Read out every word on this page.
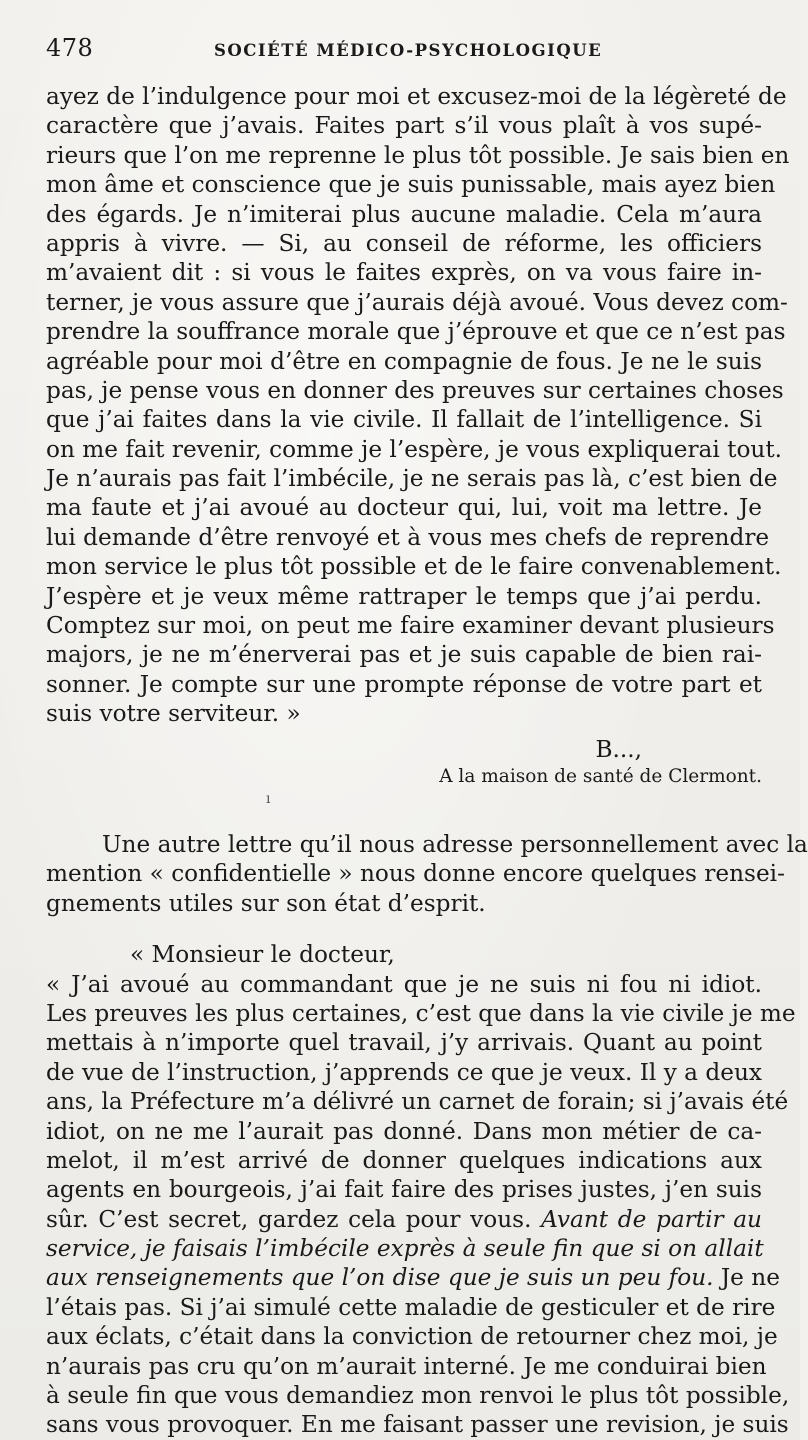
478	SOCIÉTÉ MÉDICO-PSYCHOLOGIQUE
ayez de l’indulgence pour moi et excusez-moi de la légèreté de
caractère que j’avais. Faites part s’il vous plaît à vos supé-
rieurs que l’on me reprenne le plus tôt possible. Je sais bien en
mon âme et conscience que je suis punissable, mais ayez bien
des égards. Je n’imiterai plus aucune maladie. Cela m’aura
appris à vivre. — Si, au conseil de réforme, les officiers
m’avaient dit : si vous le faites exprès, on va vous faire in-
terner, je vous assure que j’aurais déjà avoué. Vous devez com-
prendre la souffrance morale que j’éprouve et que ce n’est pas
agréable pour moi d’être en compagnie de fous. Je ne le suis
pas, je pense vous en donner des preuves sur certaines choses
que j’ai faites dans la vie civile. Il fallait de l’intelligence. Si
on me fait revenir, comme je l’espère, je vous expliquerai tout.
Je n’aurais pas fait l’imbécile, je ne serais pas là, c’est bien de
ma faute et j’ai avoué au docteur qui, lui, voit ma lettre. Je
lui demande d’être renvoyé et à vous mes chefs de reprendre
mon service le plus tôt possible et de le faire convenablement.
J’espère et je veux même rattraper le temps que j’ai perdu.
Comptez sur moi, on peut me faire examiner devant plusieurs
majors, je ne m’énerverai pas et je suis capable de bien rai-
sonner. Je compte sur une prompte réponse de votre part et
suis votre serviteur. »
B...,
A la maison de santé de Clermont.
ı
Une autre lettre qu’il nous adresse personnellement avec la
mention « confidentielle » nous donne encore quelques rensei-
gnements utiles sur son état d’esprit.
« Monsieur le docteur,
« J’ai avoué au commandant que je ne suis ni fou ni idiot.
Les preuves les plus certaines, c’est que dans la vie civile je me
mettais à n’importe quel travail, j’y arrivais. Quant au point
de vue de l’instruction, j’apprends ce que je veux. Il y a deux
ans, la Préfecture m’a délivré un carnet de forain; si j’avais été
idiot, on ne me l’aurait pas donné. Dans mon métier de ca-
melot, il m’est arrivé de donner quelques indications aux
agents en bourgeois, j’ai fait faire des prises justes, j’en suis
sûr. C’est secret, gardez cela pour vous. Avant de partir au
service, je faisais l’imbécile exprès à seule fin que si on allait
aux renseignements que l’on dise que je suis un peu fou. Je ne
l’étais pas. Si j’ai simulé cette maladie de gesticuler et de rire
aux éclats, c’était dans la conviction de retourner chez moi, je
n’aurais pas cru qu’on m’aurait interné. Je me conduirai bien
à seule fin que vous demandiez mon renvoi le plus tôt possible,
sans vous provoquer. En me faisant passer une revision, je suis
